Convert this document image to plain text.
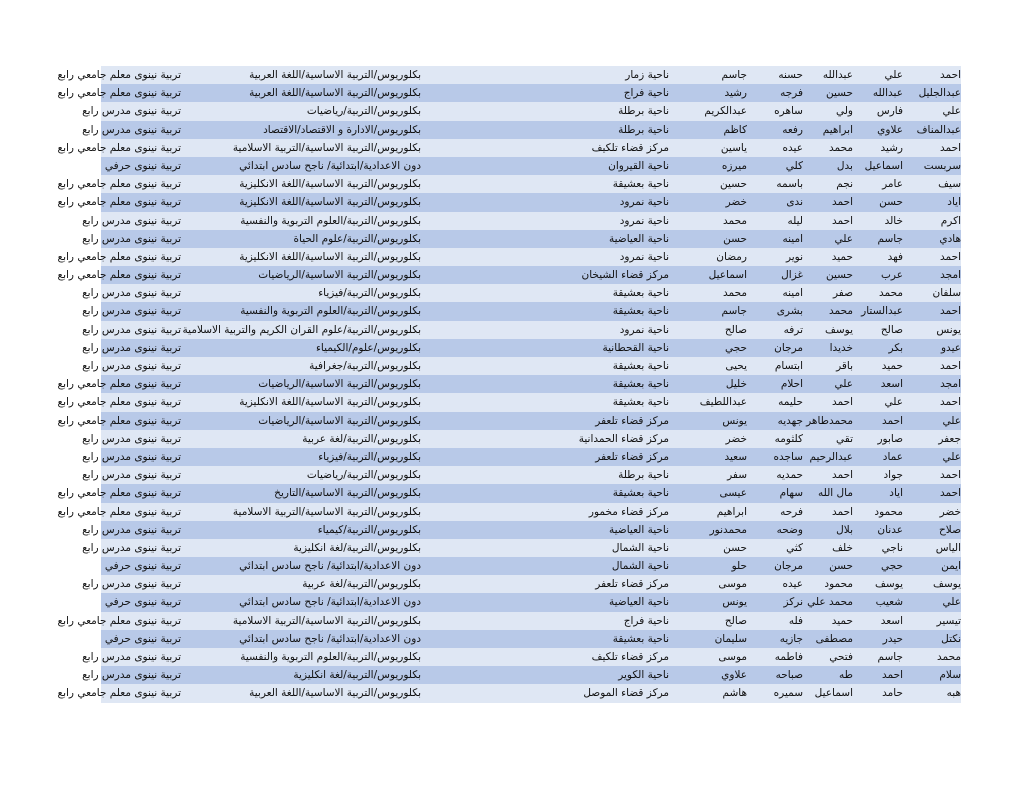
احمد
علي
عبدالله
حسنه
جاسم
ناحية زمار
بكلوريوس/التربية الاساسية/اللغة العربية
تربية نينوى معلم جامعي رابع
عبدالجليل
عبدالله
حسين
فرجه
رشيد
ناحية فراج
بكلوريوس/التربية الاساسية/اللغة العربية
تربية نينوى معلم جامعي رابع
علي
فارس
ولي
ساهره
عبدالكريم
ناحية برطلة
بكلوريوس/التربية/رياضيات
تربية نينوى مدرس رابع
عبدالمناف
علاوي
ابراهيم
رفعه
كاظم
ناحية برطلة
بكلوريوس/الادارة و الاقتصاد/الاقتصاد
تربية نينوى مدرس رابع
احمد
رشيد
محمد
عيده
ياسين
مركز قضاء تلكيف
بكلوريوس/التربية الاساسية/التربية الاسلامية
تربية نينوى معلم جامعي رابع
سربست
اسماعيل
بدل
كلي
ميرزه
ناحية القيروان
دون الاعدادية/ابتدائية/ ناجح سادس ابتدائي
تربية نينوى حرفي
سيف
عامر
نجم
باسمه
حسين
ناحية بعشيقة
بكلوريوس/التربية الاساسية/اللغة الانكليزية
تربية نينوى معلم جامعي رابع
اياد
حسن
احمد
ندى
خضر
ناحية نمرود
بكلوريوس/التربية الاساسية/اللغة الانكليزية
تربية نينوى معلم جامعي رابع
اكرم
خالد
احمد
ليله
محمد
ناحية نمرود
بكلوريوس/التربية/العلوم التربوية والنفسية
تربية نينوى مدرس رابع
هادي
جاسم
علي
امينه
حسن
ناحية العياضية
بكلوريوس/التربية/علوم الحياة
تربية نينوى مدرس رابع
احمد
فهد
حميد
نوير
رمضان
ناحية نمرود
بكلوريوس/التربية الاساسية/اللغة الانكليزية
تربية نينوى معلم جامعي رابع
امجد
عرب
حسين
غزال
اسماعيل
مركز قضاء الشيخان
بكلوريوس/التربية الاساسية/الرياضيات
تربية نينوى معلم جامعي رابع
سلفان
محمد
صفر
امينه
محمد
ناحية بعشيقة
بكلوريوس/التربية/فيزياء
تربية نينوى مدرس رابع
احمد
عبدالستار
محمد
بشرى
جاسم
ناحية بعشيقة
بكلوريوس/التربية/العلوم التربوية والنفسية
تربية نينوى مدرس رابع
يونس
صالح
يوسف
ترفه
صالح
ناحية نمرود
بكلوريوس/التربية/علوم القران الكريم والتربية الاسلامية
تربية نينوى مدرس رابع
عيدو
بكر
خديدا
مرجان
حجي
ناحية القحطانية
بكلوريوس/علوم/الكيمياء
تربية نينوى مدرس رابع
احمد
حميد
باقر
ابتسام
يحيى
ناحية بعشيقة
بكلوريوس/التربية/جغرافية
تربية نينوى مدرس رابع
امجد
اسعد
علي
احلام
خليل
ناحية بعشيقة
بكلوريوس/التربية الاساسية/الرياضيات
تربية نينوى معلم جامعي رابع
احمد
علي
احمد
حليمه
عبداللطيف
ناحية بعشيقة
بكلوريوس/التربية الاساسية/اللغة الانكليزية
تربية نينوى معلم جامعي رابع
علي
احمد
محمدطاهر
جهديه
يونس
مركز قضاء تلعفر
بكلوريوس/التربية الاساسية/الرياضيات
تربية نينوى معلم جامعي رابع
جعفر
صابور
تقي
كلثومه
خضر
مركز قضاء الحمدانية
بكلوريوس/التربية/لغة عربية
تربية نينوى مدرس رابع
علي
عماد
عبدالرحيم
ساجده
سعيد
مركز قضاء تلعفر
بكلوريوس/التربية/فيزياء
تربية نينوى مدرس رابع
احمد
جواد
احمد
حمديه
سفر
ناحية برطلة
بكلوريوس/التربية/رياضيات
تربية نينوى مدرس رابع
احمد
اياد
مال الله
سهام
عيسى
ناحية بعشيقة
بكلوريوس/التربية الاساسية/التاريخ
تربية نينوى معلم جامعي رابع
خضر
محمود
احمد
فرحه
ابراهيم
مركز قضاء مخمور
بكلوريوس/التربية الاساسية/التربية الاسلامية
تربية نينوى معلم جامعي رابع
صلاح
عدنان
بلال
وضحه
محمدنور
ناحية العياضية
بكلوريوس/التربية/كيمياء
تربية نينوى مدرس رابع
الياس
ناجي
خلف
كثي
حسن
ناحية الشمال
بكلوريوس/التربية/لغة انكليزية
تربية نينوى مدرس رابع
ايمن
حجي
حسن
مرجان
حلو
ناحية الشمال
دون الاعدادية/ابتدائية/ ناجح سادس ابتدائي
تربية نينوى حرفي
يوسف
يوسف
محمود
عيده
موسى
مركز قضاء تلعفر
بكلوريوس/التربية/لغة عربية
تربية نينوى مدرس رابع
علي
شعيب
محمد علي
نركز
يونس
ناحية العياضية
دون الاعدادية/ابتدائية/ ناجح سادس ابتدائي
تربية نينوى حرفي
تيسير
اسعد
حميد
فله
صالح
ناحية فراج
بكلوريوس/التربية الاساسية/التربية الاسلامية
تربية نينوى معلم جامعي رابع
نكتل
حيدر
مصطفى
جازيه
سليمان
ناحية بعشيقة
دون الاعدادية/ابتدائية/ ناجح سادس ابتدائي
تربية نينوى حرفي
محمد
جاسم
فتحي
فاطمه
موسى
مركز قضاء تلكيف
بكلوريوس/التربية/العلوم التربوية والنفسية
تربية نينوى مدرس رابع
سلام
احمد
طه
صباحه
علاوي
ناحية الكوير
بكلوريوس/التربية/لغة انكليزية
تربية نينوى مدرس رابع
هبه
حامد
اسماعيل
سميره
هاشم
مركز قضاء الموصل
بكلوريوس/التربية الاساسية/اللغة العربية
تربية نينوى معلم جامعي رابع
